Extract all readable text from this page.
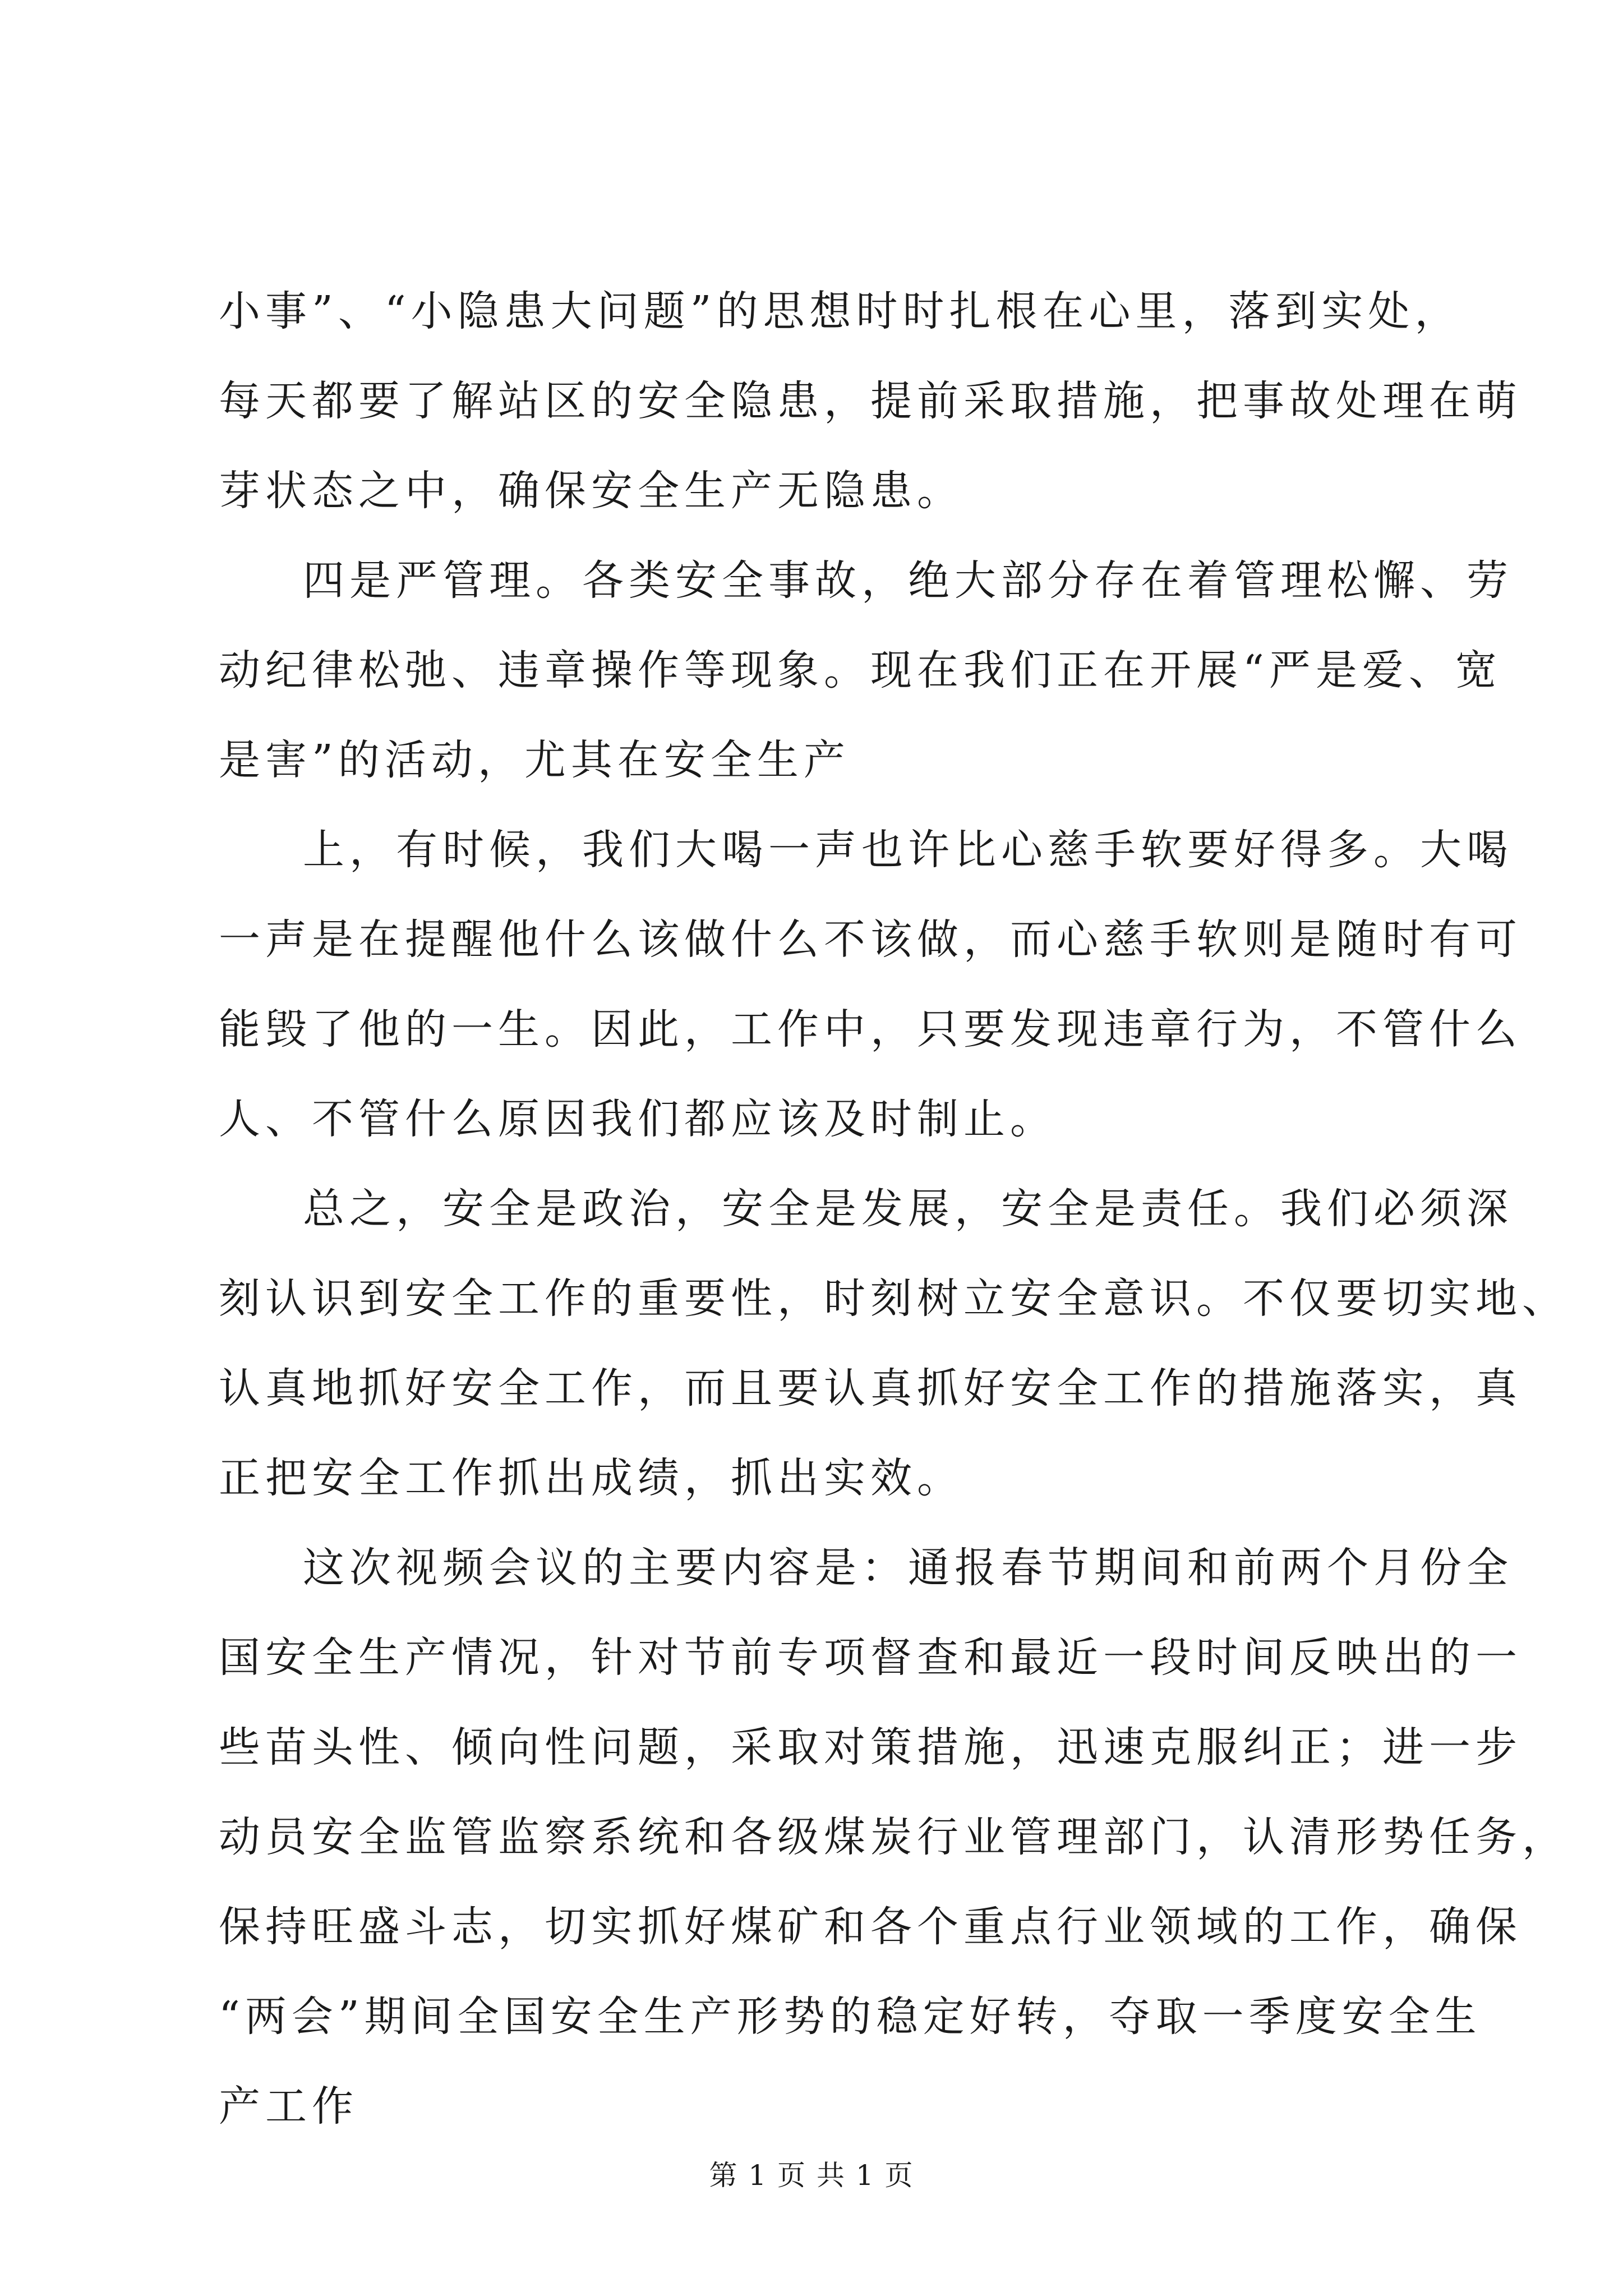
小事”、“小隐患大问题”的思想时时扎根在心里，落到实处，
每天都要了解站区的安全隐患，提前采取措施，把事故处理在萌
芽状态之中，确保安全生产无隐患。
四是严管理。各类安全事故，绝大部分存在着管理松懈、劳
动纪律松弛、违章操作等现象。现在我们正在开展“严是爱、宽
是害”的活动，尤其在安全生产
上，有时候，我们大喝一声也许比心慈手软要好得多。大喝
一声是在提醒他什么该做什么不该做，而心慈手软则是随时有可
能毁了他的一生。因此，工作中，只要发现违章行为，不管什么
人、不管什么原因我们都应该及时制止。
总之，安全是政治，安全是发展，安全是责任。我们必须深
刻认识到安全工作的重要性，时刻树立安全意识。不仅要切实地、
认真地抓好安全工作，而且要认真抓好安全工作的措施落实，真
正把安全工作抓出成绩，抓出实效。
这次视频会议的主要内容是：通报春节期间和前两个月份全
国安全生产情况，针对节前专项督查和最近一段时间反映出的一
些苗头性、倾向性问题，采取对策措施，迅速克服纠正；进一步
动员安全监管监察系统和各级煤炭行业管理部门，认清形势任务，
保持旺盛斗志，切实抓好煤矿和各个重点行业领域的工作，确保
“两会”期间全国安全生产形势的稳定好转，夺取一季度安全生
产工作
第 1 页 共 1 页
